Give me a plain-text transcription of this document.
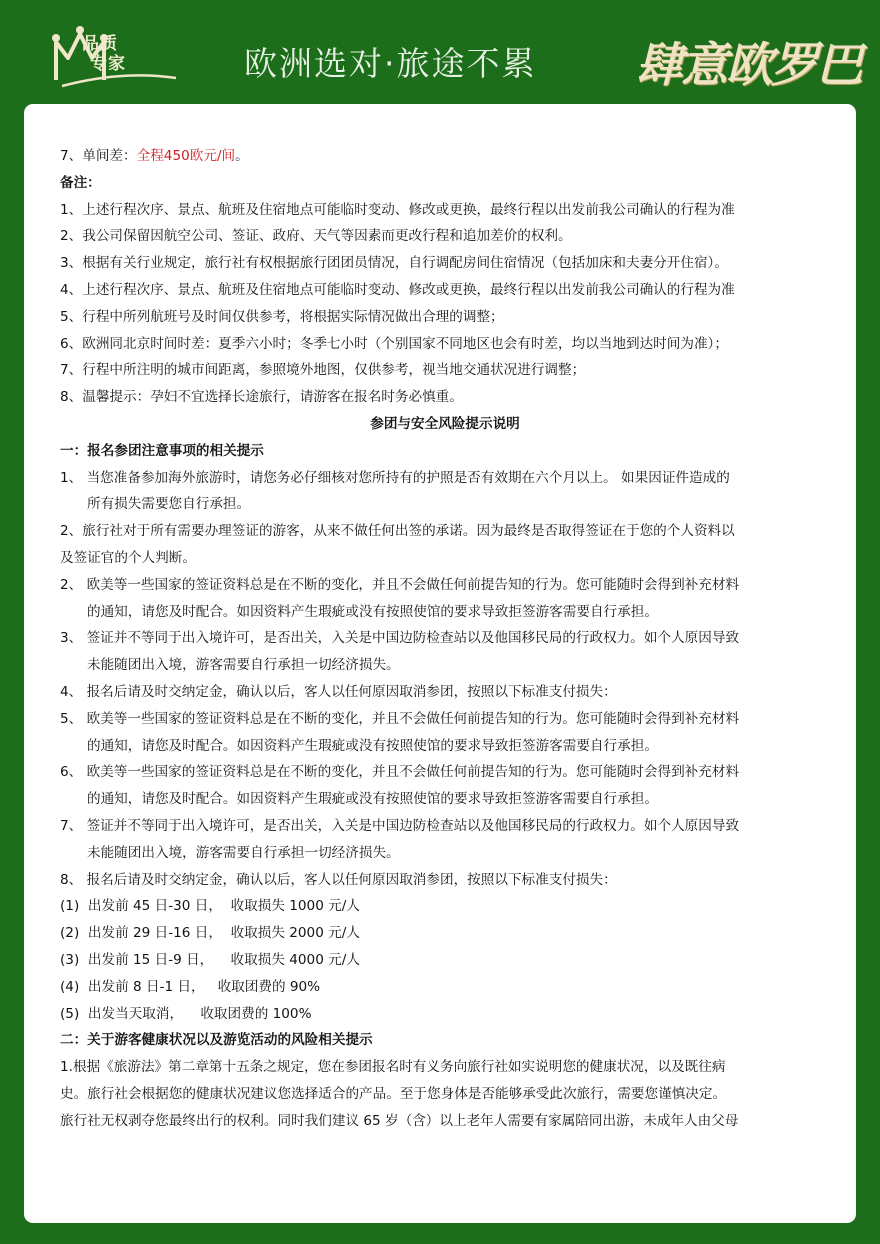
品质
专家	欧洲选对·旅途不累 肆意欧罗巴
7、单间差：全程450欧元/间。
备注：
1、上述行程次序、景点、航班及住宿地点可能临时变动、修改或更换，最终行程以出发前我公司确认的行程为准
2、我公司保留因航空公司、签证、政府、天气等因素而更改行程和追加差价的权利。
3、根据有关行业规定，旅行社有权根据旅行团团员情况，自行调配房间住宿情况（包括加床和夫妻分开住宿）。
4、上述行程次序、景点、航班及住宿地点可能临时变动、修改或更换，最终行程以出发前我公司确认的行程为准
5、行程中所列航班号及时间仅供参考，将根据实际情况做出合理的调整；
6、欧洲同北京时间时差：夏季六小时；冬季七小时（个别国家不同地区也会有时差，均以当地到达时间为准）；
7、行程中所注明的城市间距离，参照境外地图，仅供参考，视当地交通状况进行调整；
8、温馨提示：孕妇不宜选择长途旅行，请游客在报名时务必慎重。
参团与安全风险提示说明
一：报名参团注意事项的相关提示
1、 当您准备参加海外旅游时，请您务必仔细核对您所持有的护照是否有效期在六个月以上。 如果因证件造成的
所有损失需要您自行承担。
2、旅行社对于所有需要办理签证的游客，从来不做任何出签的承诺。因为最终是否取得签证在于您的个人资料以
及签证官的个人判断。
2、 欧美等一些国家的签证资料总是在不断的变化，并且不会做任何前提告知的行为。您可能随时会得到补充材料
的通知，请您及时配合。如因资料产生瑕疵或没有按照使馆的要求导致拒签游客需要自行承担。
3、 签证并不等同于出入境许可，是否出关，入关是中国边防检查站以及他国移民局的行政权力。如个人原因导致
未能随团出入境，游客需要自行承担一切经济损失。
4、 报名后请及时交纳定金，确认以后，客人以任何原因取消参团，按照以下标准支付损失：
5、 欧美等一些国家的签证资料总是在不断的变化，并且不会做任何前提告知的行为。您可能随时会得到补充材料
的通知，请您及时配合。如因资料产生瑕疵或没有按照使馆的要求导致拒签游客需要自行承担。
6、 欧美等一些国家的签证资料总是在不断的变化，并且不会做任何前提告知的行为。您可能随时会得到补充材料
的通知，请您及时配合。如因资料产生瑕疵或没有按照使馆的要求导致拒签游客需要自行承担。
7、 签证并不等同于出入境许可，是否出关，入关是中国边防检查站以及他国移民局的行政权力。如个人原因导致
未能随团出入境，游客需要自行承担一切经济损失。
8、 报名后请及时交纳定金，确认以后，客人以任何原因取消参团，按照以下标准支付损失：
(1)  出发前 45 日-30 日，  收取损失 1000 元/人
(2)  出发前 29 日-16 日，  收取损失 2000 元/人
(3)  出发前 15 日-9 日，    收取损失 4000 元/人
(4)  出发前 8 日-1 日，   收取团费的 90%
(5)  出发当天取消，    收取团费的 100%
二：关于游客健康状况以及游览活动的风险相关提示
1.根据《旅游法》第二章第十五条之规定，您在参团报名时有义务向旅行社如实说明您的健康状况，以及既往病
史。旅行社会根据您的健康状况建议您选择适合的产品。至于您身体是否能够承受此次旅行，需要您谨慎决定。
旅行社无权剥夺您最终出行的权利。同时我们建议 65 岁（含）以上老年人需要有家属陪同出游，未成年人由父母
